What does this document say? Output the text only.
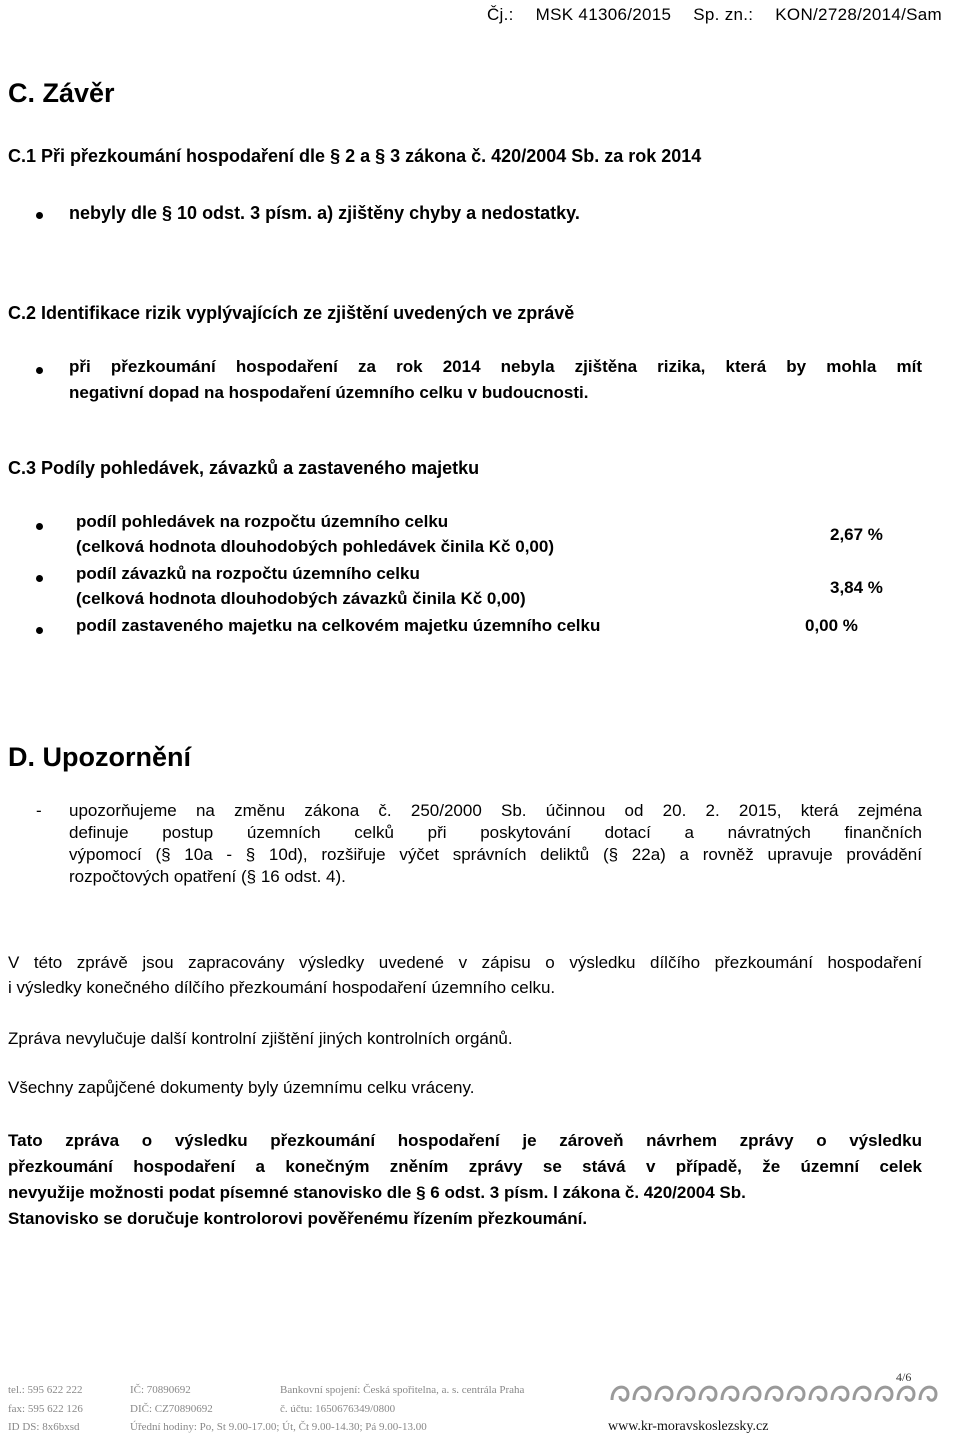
Čj.: MSK 41306/2015 Sp. zn.: KON/2728/2014/Sam
C. Závěr
C.1 Při přezkoumání hospodaření dle § 2 a § 3 zákona č. 420/2004 Sb. za rok 2014
nebyly dle § 10 odst. 3 písm. a) zjištěny chyby a nedostatky.
C.2 Identifikace rizik vyplývajících ze zjištění uvedených ve zprávě
při přezkoumání hospodaření za rok 2014 nebyla zjištěna rizika, která by mohla mít
negativní dopad na hospodaření územního celku v budoucnosti.
C.3 Podíly pohledávek, závazků a zastaveného majetku
podíl pohledávek na rozpočtu územního celku
(celková hodnota dlouhodobých pohledávek činila Kč 0,00)
2,67 %
podíl závazků na rozpočtu územního celku
(celková hodnota dlouhodobých závazků činila Kč 0,00)
3,84 %
podíl zastaveného majetku na celkovém majetku územního celku	0,00 %
D. Upozornění
- upozorňujeme na změnu zákona č. 250/2000 Sb. účinnou od 20. 2. 2015, která zejména
definuje postup územních celků při poskytování dotací a návratných finančních
výpomocí (§ 10a - § 10d), rozšiřuje výčet správních deliktů (§ 22a) a rovněž upravuje provádění
rozpočtových opatření (§ 16 odst. 4).
V této zprávě jsou zapracovány výsledky uvedené v zápisu o výsledku dílčího přezkoumání hospodaření
i výsledky konečného dílčího přezkoumání hospodaření územního celku.
Zpráva nevylučuje další kontrolní zjištění jiných kontrolních orgánů.
Všechny zapůjčené dokumenty byly územnímu celku vráceny.
Tato zpráva o výsledku přezkoumání hospodaření je zároveň návrhem zprávy o výsledku
přezkoumání hospodaření a konečným zněním zprávy se stává v případě, že územní celek
nevyužije možnosti podat písemné stanovisko dle § 6 odst. 3 písm. l zákona č. 420/2004 Sb.
Stanovisko se doručuje kontrolorovi pověřenému řízením přezkoumání.
4/6
tel.: 595 622 222
fax: 595 622 126
ID DS: 8x6bxsd
IČ: 70890692
DIČ: CZ70890692
Úřední hodiny: Po, St 9.00-17.00; Út, Čt 9.00-14.30; Pá 9.00-13.00
Bankovní spojení: Česká spořitelna, a. s. centrála Praha
č. účtu: 1650676349/0800
www.kr-moravskoslezsky.cz
